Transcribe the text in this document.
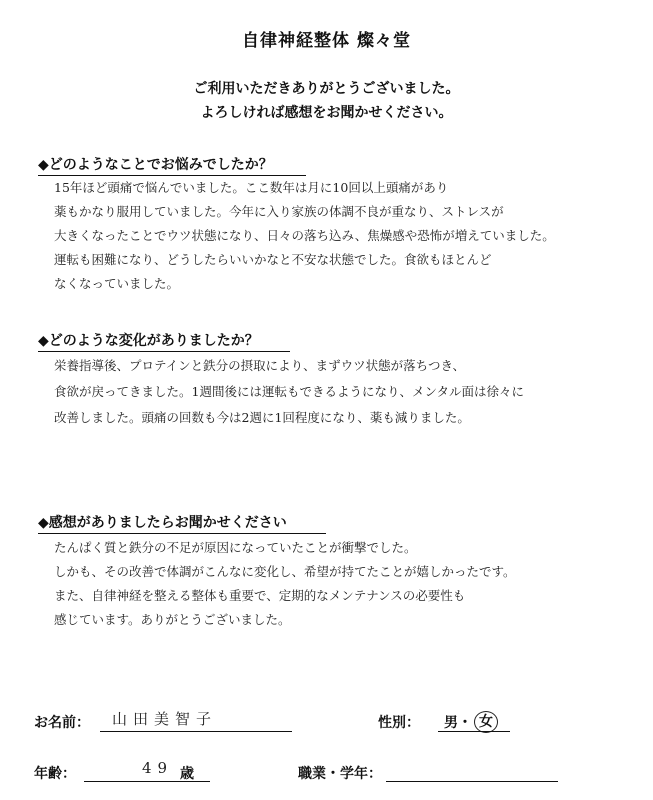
自律神経整体 燦々堂
ご利用いただきありがとうございました。
よろしければ感想をお聞かせください。
◆どのようなことでお悩みでしたか？
15年ほど頭痛で悩んでいました。ここ数年は月に10回以上頭痛があり
薬もかなり服用していました。今年に入り家族の体調不良が重なり、ストレスが
大きくなったことでウツ状態になり、日々の落ち込み、焦燥感や恐怖が増えていました。
運転も困難になり、どうしたらいいかなと不安な状態でした。食欲もほとんど
なくなっていました。
◆どのような変化がありましたか？
栄養指導後、プロテインと鉄分の摂取により、まずウツ状態が落ちつき、
食欲が戻ってきました。1週間後には運転もできるようになり、メンタル面は徐々に
改善しました。頭痛の回数も今は2週に1回程度になり、薬も減りました。
◆感想がありましたらお聞かせください
たんぱく質と鉄分の不足が原因になっていたことが衝撃でした。
しかも、その改善で体調がこんなに変化し、希望が持てたことが嬉しかったです。
また、自律神経を整える整体も重要で、定期的なメンテナンスの必要性も
感じています。ありがとうございました。
お名前： 山田美智子	性別： 男・ 女
年齢：	49 歳	職業・学年：
